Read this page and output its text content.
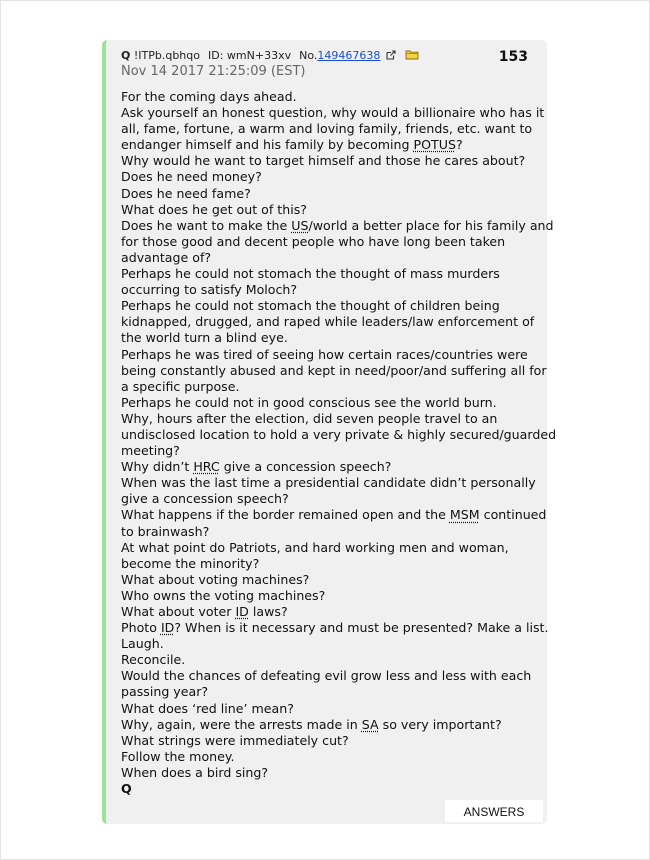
Q !ITPb.qbhqo ID: wmN+33xv No.149467638	153
Nov 14 2017 21:25:09 (EST)
For the coming days ahead.
Ask yourself an honest question, why would a billionaire who has it
all, fame, fortune, a warm and loving family, friends, etc. want to
endanger himself and his family by becoming POTUS?
Why would he want to target himself and those he cares about?
Does he need money?
Does he need fame?
What does he get out of this?
Does he want to make the US/world a better place for his family and
for those good and decent people who have long been taken
advantage of?
Perhaps he could not stomach the thought of mass murders
occurring to satisfy Moloch?
Perhaps he could not stomach the thought of children being
kidnapped, drugged, and raped while leaders/law enforcement of
the world turn a blind eye.
Perhaps he was tired of seeing how certain races/countries were
being constantly abused and kept in need/poor/and suffering all for
a specific purpose.
Perhaps he could not in good conscious see the world burn.
Why, hours after the election, did seven people travel to an
undisclosed location to hold a very private & highly secured/guarded
meeting?
Why didn’t HRC give a concession speech?
When was the last time a presidential candidate didn’t personally
give a concession speech?
What happens if the border remained open and the MSM continued
to brainwash?
At what point do Patriots, and hard working men and woman,
become the minority?
What about voting machines?
Who owns the voting machines?
What about voter ID laws?
Photo ID? When is it necessary and must be presented? Make a list.
Laugh.
Reconcile.
Would the chances of defeating evil grow less and less with each
passing year?
What does ‘red line’ mean?
Why, again, were the arrests made in SA so very important?
What strings were immediately cut?
Follow the money.
When does a bird sing?
Q
ANSWERS
